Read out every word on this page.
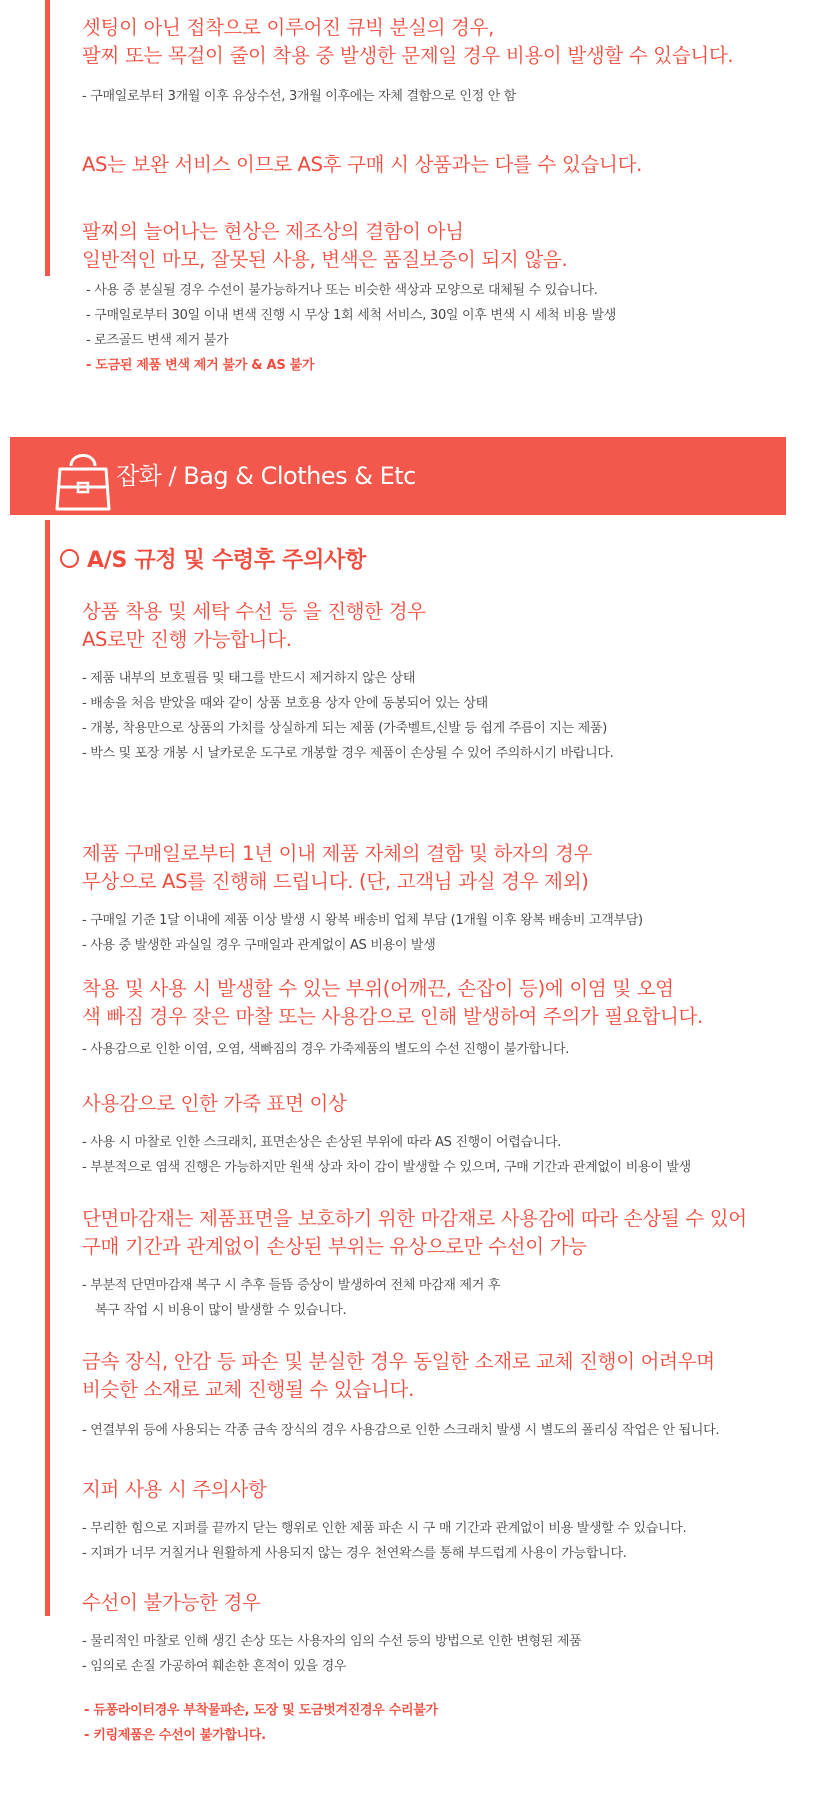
셋팅이 아닌 접착으로 이루어진 큐빅 분실의 경우,

팔찌 또는 목걸이 줄이 착용 중 발생한 문제일 경우 비용이 발생할 수 있습니다.

- 구매일로부터 3개월 이후 유상수선, 3개월 이후에는 자체 결함으로 인정 안 함

AS는 보완 서비스 이므로 AS후 구매 시 상품과는 다를 수 있습니다.

팔찌의 늘어나는 현상은 제조상의 결함이 아님

일반적인 마모, 잘못된 사용, 변색은 품질보증이 되지 않음.

- 사용 중 분실될 경우 수선이 불가능하거나 또는 비슷한 색상과 모양으로 대체될 수 있습니다.

- 구매일로부터 30일 이내 변색 진행 시 무상 1회 세척 서비스, 30일 이후 변색 시 세척 비용 발생

- 로즈골드 변색 제거 불가

- 도금된 제품 변색 제거 불가 & AS 불가

잡화 / Bag & Clothes & Etc
A/S 규정 및 수령후 주의사항

상품 착용 및 세탁 수선 등 을 진행한 경우

AS로만 진행 가능합니다.

- 제품 내부의 보호필름 및 태그를 반드시 제거하지 않은 상태

- 배송을 처음 받았을 때와 같이 상품 보호용 상자 안에 동봉되어 있는 상태

- 개봉, 착용만으로 상품의 가치를 상실하게 되는 제품 (가죽벨트,신발 등 쉽게 주름이 지는 제품)

- 박스 및 포장 개봉 시 날카로운 도구로 개봉할 경우 제품이 손상될 수 있어 주의하시기 바랍니다.

제품 구매일로부터 1년 이내 제품 자체의 결함 및 하자의 경우

무상으로 AS를 진행해 드립니다. (단, 고객님 과실 경우 제외)

- 구매일 기준 1달 이내에 제품 이상 발생 시 왕복 배송비 업체 부담 (1개월 이후 왕복 배송비 고객부담)

- 사용 중 발생한 과실일 경우 구매일과 관계없이 AS 비용이 발생

착용 및 사용 시 발생할 수 있는 부위(어깨끈, 손잡이 등)에 이염 및 오염

색 빠짐 경우 잦은 마찰 또는 사용감으로 인해 발생하여 주의가 필요합니다.

- 사용감으로 인한 이염, 오염, 색빠짐의 경우 가죽제품의 별도의 수선 진행이 불가합니다.

사용감으로 인한 가죽 표면 이상

- 사용 시 마찰로 인한 스크래치, 표면손상은 손상된 부위에 따라 AS 진행이 어렵습니다.

- 부분적으로 염색 진행은 가능하지만 원색 상과 차이 감이 발생할 수 있으며, 구매 기간과 관계없이 비용이 발생

단면마감재는 제품표면을 보호하기 위한 마감재로 사용감에 따라 손상될 수 있어

구매 기간과 관계없이 손상된 부위는 유상으로만 수선이 가능

- 부분적 단면마감재 복구 시 추후 들뜸 증상이 발생하여 전체 마감재 제거 후

복구 작업 시 비용이 많이 발생할 수 있습니다.

금속 장식, 안감 등 파손 및 분실한 경우 동일한 소재로 교체 진행이 어려우며

비슷한 소재로 교체 진행될 수 있습니다.

- 연결부위 등에 사용되는 각종 금속 장식의 경우 사용감으로 인한 스크래치 발생 시 별도의 폴리싱 작업은 안 됩니다.

지퍼 사용 시 주의사항

- 무리한 힘으로 지퍼를 끝까지 닫는 행위로 인한 제품 파손 시 구 매 기간과 관계없이 비용 발생할 수 있습니다.

- 지퍼가 너무 거칠거나 원활하게 사용되지 않는 경우 천연왁스를 통해 부드럽게 사용이 가능합니다.

수선이 불가능한 경우

- 물리적인 마찰로 인해 생긴 손상 또는 사용자의 임의 수선 등의 방법으로 인한 변형된 제품

- 임의로 손질 가공하여 훼손한 흔적이 있을 경우

- 듀퐁라이터경우 부착물파손, 도장 및 도금벗겨진경우 수리불가

- 키링제품은 수선이 불가합니다.
